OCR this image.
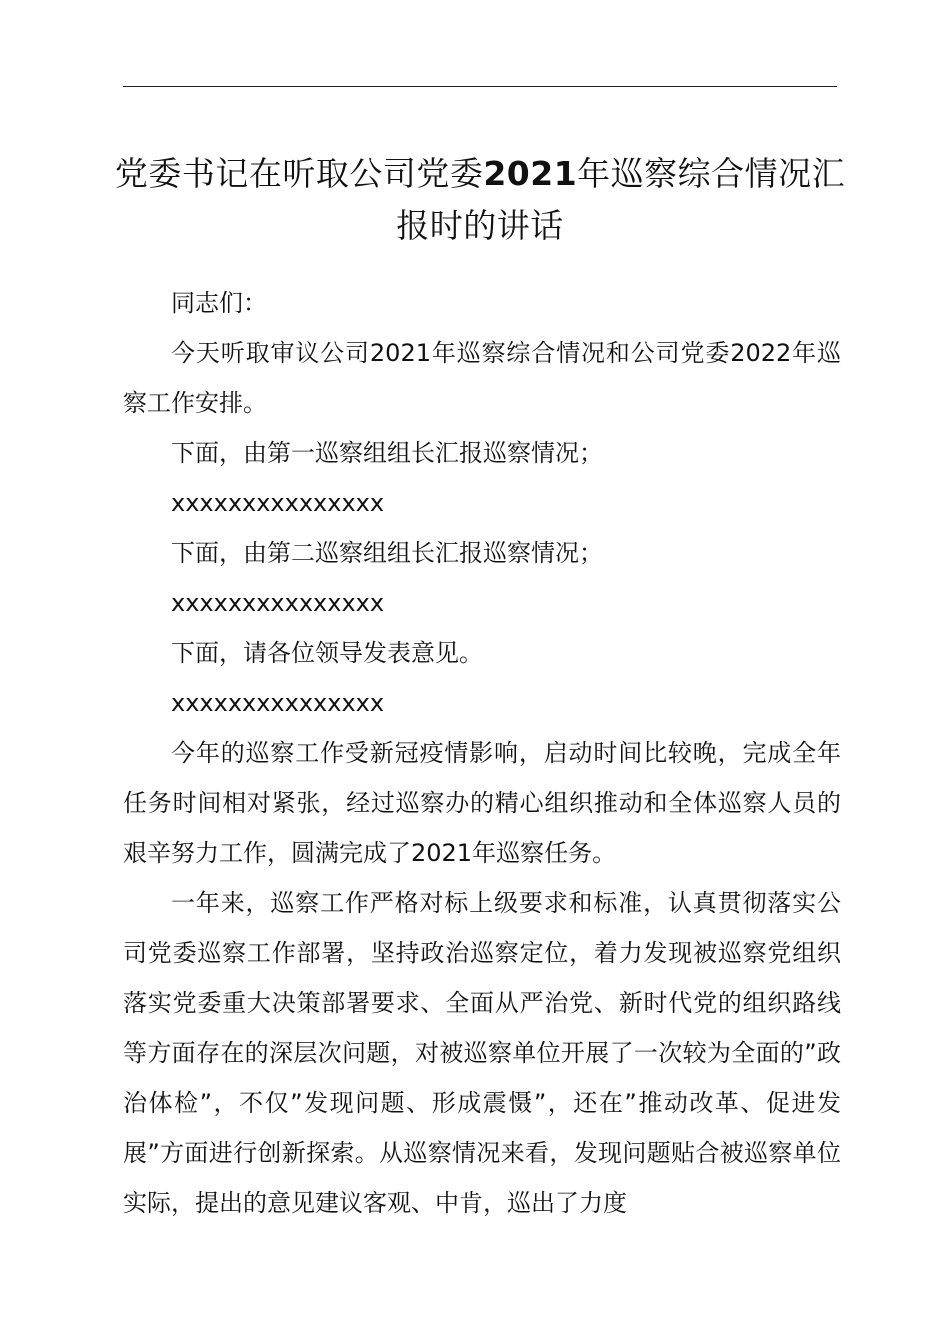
党委书记在听取公司党委2021年巡察综合情况汇报时的讲话

同志们：

今天听取审议公司2021年巡察综合情况和公司党委2022年巡察工作安排。

下面，由第一巡察组组长汇报巡察情况；

xxxxxxxxxxxxxxx

下面，由第二巡察组组长汇报巡察情况；

xxxxxxxxxxxxxxx

下面，请各位领导发表意见。

xxxxxxxxxxxxxxx

今年的巡察工作受新冠疫情影响，启动时间比较晚，完成全年任务时间相对紧张，经过巡察办的精心组织推动和全体巡察人员的艰辛努力工作，圆满完成了2021年巡察任务。

一年来，巡察工作严格对标上级要求和标准，认真贯彻落实公司党委巡察工作部署，坚持政治巡察定位，着力发现被巡察党组织落实党委重大决策部署要求、全面从严治党、新时代党的组织路线等方面存在的深层次问题，对被巡察单位开展了一次较为全面的”政治体检”，不仅”发现问题、形成震慑”，还在”推动改革、促进发展”方面进行创新探索。从巡察情况来看，发现问题贴合被巡察单位实际，提出的意见建议客观、中肯，巡出了力度
